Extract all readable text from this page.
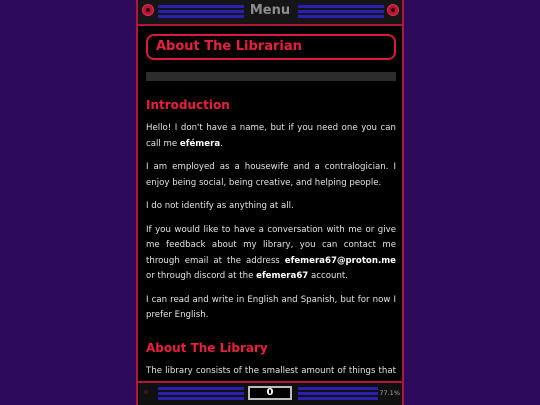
Menu
About The Librarian
Introduction

Hello! I don't have a name, but if you need one you can call me efémera.

I am employed as a housewife and a contralogician. I enjoy being social, being creative, and helping people.

I do not identify as anything at all.

If you would like to have a conversation with me or give me feedback about my library, you can contact me through email at the address efemera67@proton.me or through discord at the efemera67 account.

I can read and write in English and Spanish, but for now I prefer English.

About The Library

The library consists of the smallest amount of things that

0	77.1%
